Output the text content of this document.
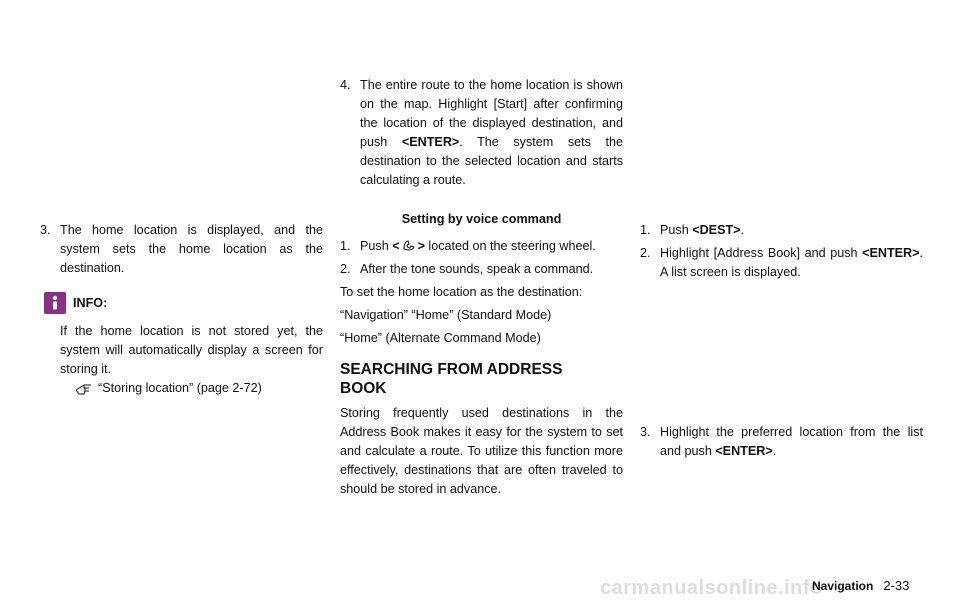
3. The home location is displayed, and the system sets the home location as the destination.
INFO:
If the home location is not stored yet, the system will automatically display a screen for storing it.
“Storing location” (page 2-72)
4. The entire route to the home location is shown on the map. Highlight [Start] after confirming the location of the displayed destination, and push <ENTER>. The system sets the destination to the selected location and starts calculating a route.
Setting by voice command
1. Push < > located on the steering wheel.
2. After the tone sounds, speak a command.
To set the home location as the destination:
“Navigation” “Home” (Standard Mode)
“Home” (Alternate Command Mode)
SEARCHING FROM ADDRESS BOOK
Storing frequently used destinations in the Address Book makes it easy for the system to set and calculate a route. To utilize this function more effectively, destinations that are often traveled to should be stored in advance.
1. Push <DEST>.
2. Highlight [Address Book] and push <ENTER>. A list screen is displayed.
3. Highlight the preferred location from the list and push <ENTER>.
carmanualsonline.info
Navigation 2-33
